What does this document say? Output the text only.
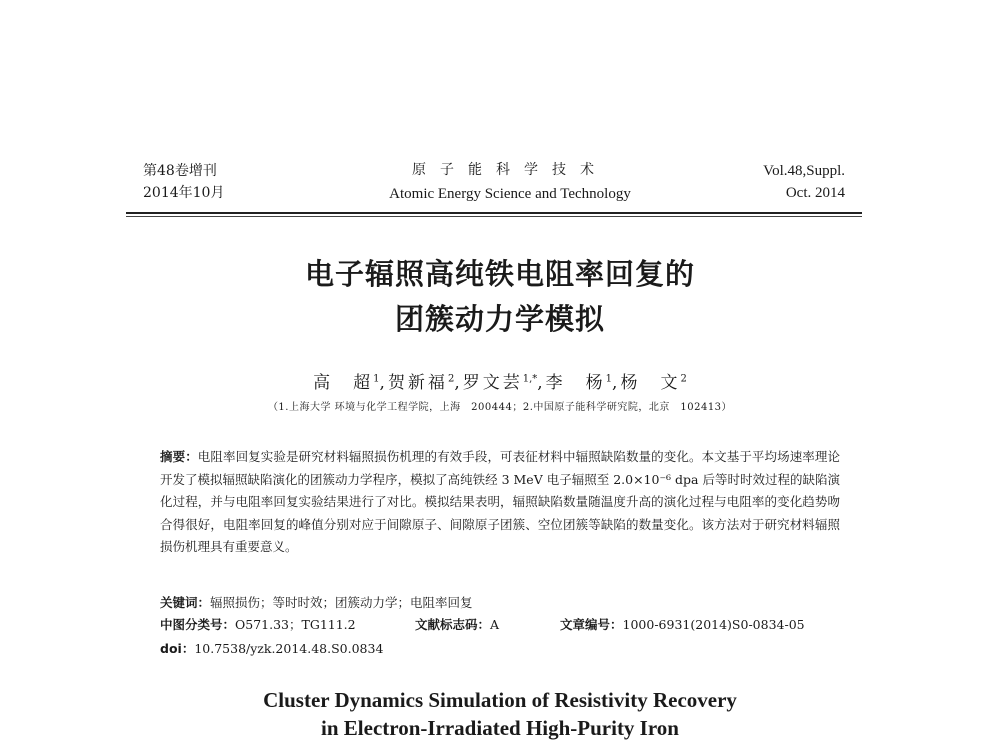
第48卷增刊
2014年10月
原子能科学技术
Atomic Energy Science and Technology
Vol.48,Suppl.
Oct. 2014
电子辐照高纯铁电阻率回复的
团簇动力学模拟
高　超$^1$,贺新福$^2$,罗文芸$^{1,*}$,李　杨$^1$,杨　文$^2$
（1.上海大学 环境与化学工程学院，上海　200444；2.中国原子能科学研究院，北京　102413）
摘要：电阻率回复实验是研究材料辐照损伤机理的有效手段，可表征材料中辐照缺陷数量的变化。本文基于平均场速率理论开发了模拟辐照缺陷演化的团簇动力学程序，模拟了高纯铁经 3 MeV 电子辐照至 2.0×10⁻⁶ dpa 后等时时效过程的缺陷演化过程，并与电阻率回复实验结果进行了对比。模拟结果表明，辐照缺陷数量随温度升高的演化过程与电阻率的变化趋势吻合得很好，电阻率回复的峰值分别对应于间隙原子、间隙原子团簇、空位团簇等缺陷的数量变化。该方法对于研究材料辐照损伤机理具有重要意义。
关键词：辐照损伤；等时时效；团簇动力学；电阻率回复
中图分类号：O571.33；TG111.2	文献标志码：A	文章编号：1000-6931(2014)S0-0834-05
doi：10.7538/yzk.2014.48.S0.0834
Cluster Dynamics Simulation of Resistivity Recovery
in Electron-Irradiated High-Purity Iron
